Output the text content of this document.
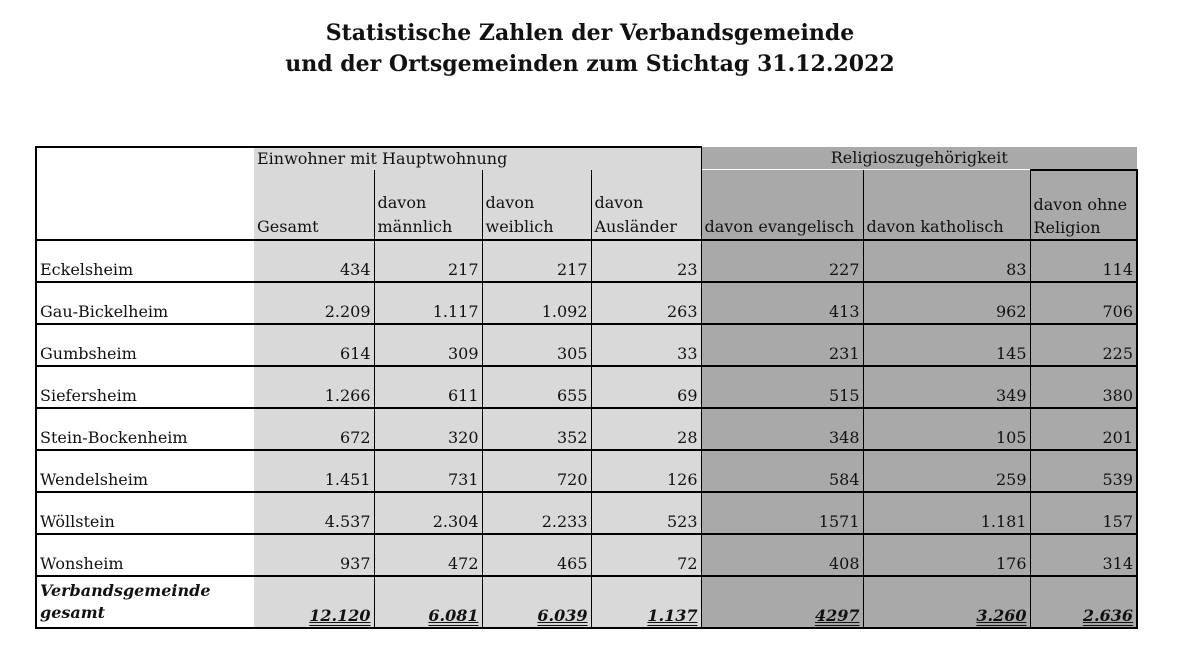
Statistische Zahlen der Verbandsgemeinde
und der Ortsgemeinden zum Stichtag 31.12.2022
	Einwohner mit Hauptwohnung				Religioszugehörigkeit		
	Gesamt	davon männlich	davon weiblich	davon Ausländer	davon evangelisch	davon katholisch	davon ohne Religion
Eckelsheim	434	217	217	23	227	83	114
Gau-Bickelheim	2.209	1.117	1.092	263	413	962	706
Gumbsheim	614	309	305	33	231	145	225
Siefersheim	1.266	611	655	69	515	349	380
Stein-Bockenheim	672	320	352	28	348	105	201
Wendelsheim	1.451	731	720	126	584	259	539
Wöllstein	4.537	2.304	2.233	523	1571	1.181	157
Wonsheim	937	472	465	72	408	176	314
Verbandsgemeinde gesamt	12.120	6.081	6.039	1.137	4297	3.260	2.636
